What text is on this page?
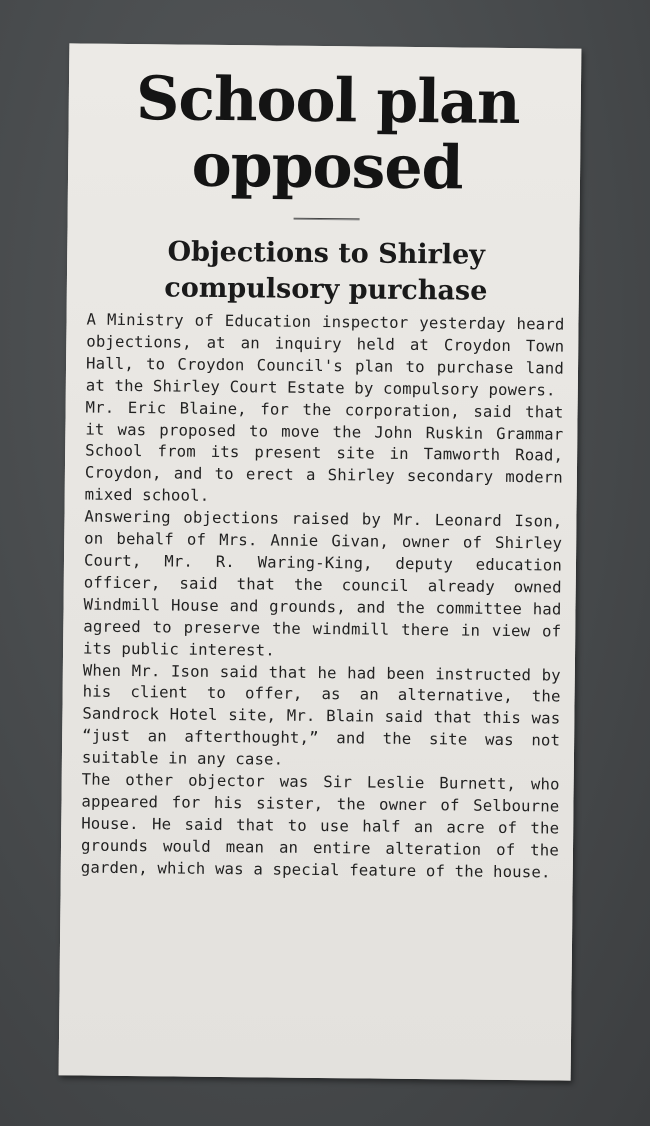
School plan
opposed
Objections to Shirley
compulsory purchase

A Ministry of Education inspector yesterday heard objections, at an inquiry held at Croydon Town Hall, to Croydon Council's plan to purchase land at the Shirley Court Estate by compulsory powers.

Mr. Eric Blaine, for the corporation, said that it was proposed to move the John Ruskin Grammar School from its present site in Tamworth Road, Croydon, and to erect a Shirley secondary modern mixed school.

Answering objections raised by Mr. Leonard Ison, on behalf of Mrs. Annie Givan, owner of Shirley Court, Mr. R. Waring-King, deputy education officer, said that the council already owned Windmill House and grounds, and the committee had agreed to preserve the windmill there in view of its public interest.

When Mr. Ison said that he had been instructed by his client to offer, as an alternative, the Sandrock Hotel site, Mr. Blain said that this was “just an afterthought,” and the site was not suitable in any case.

The other objector was Sir Leslie Burnett, who appeared for his sister, the owner of Selbourne House. He said that to use half an acre of the grounds would mean an entire alteration of the garden, which was a special feature of the house.
